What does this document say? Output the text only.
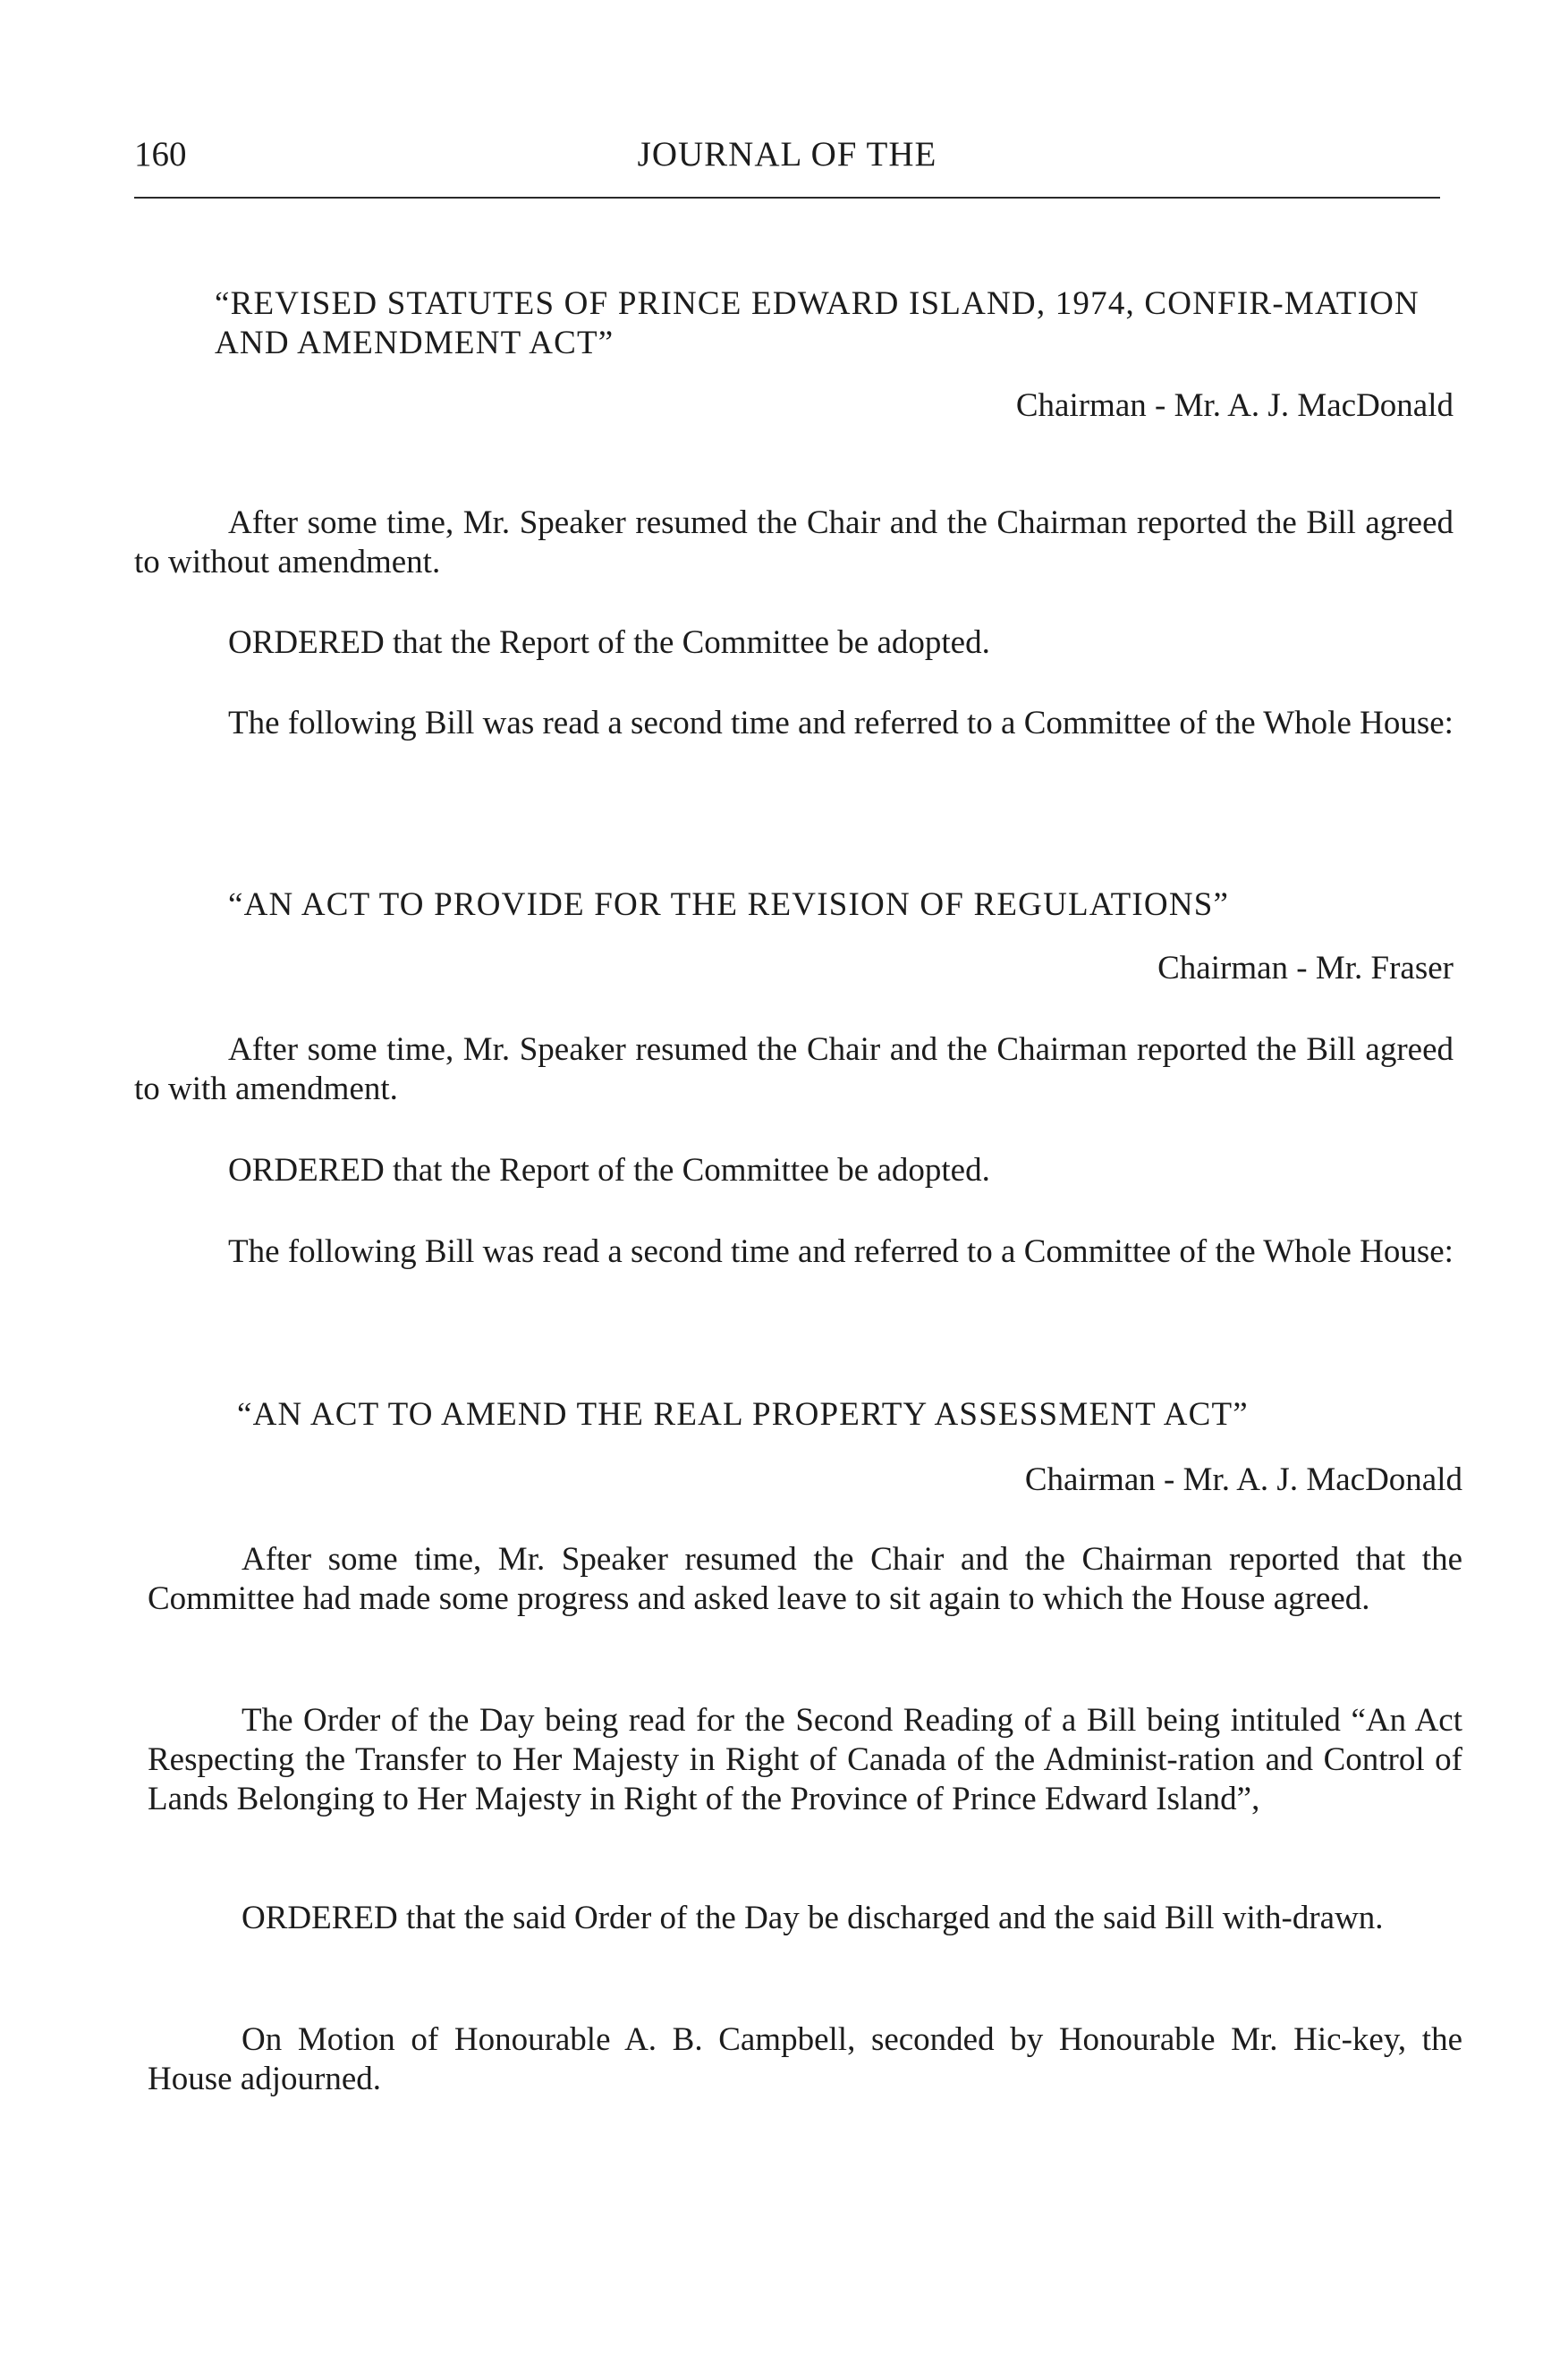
160	JOURNAL OF THE
“REVISED STATUTES OF PRINCE EDWARD ISLAND, 1974, CONFIR-MATION AND AMENDMENT ACT”
Chairman - Mr. A. J. MacDonald
After some time, Mr. Speaker resumed the Chair and the Chairman reported the Bill agreed to without amendment.
ORDERED that the Report of the Committee be adopted.
The following Bill was read a second time and referred to a Committee of the Whole House:
“AN ACT TO PROVIDE FOR THE REVISION OF REGULATIONS”
Chairman - Mr. Fraser
After some time, Mr. Speaker resumed the Chair and the Chairman reported the Bill agreed to with amendment.
ORDERED that the Report of the Committee be adopted.
The following Bill was read a second time and referred to a Committee of the Whole House:
“AN ACT TO AMEND THE REAL PROPERTY ASSESSMENT ACT”
Chairman - Mr. A. J. MacDonald
After some time, Mr. Speaker resumed the Chair and the Chairman reported that the Committee had made some progress and asked leave to sit again to which the House agreed.
The Order of the Day being read for the Second Reading of a Bill being intituled “An Act Respecting the Transfer to Her Majesty in Right of Canada of the Administ-ration and Control of Lands Belonging to Her Majesty in Right of the Province of Prince Edward Island”,
ORDERED that the said Order of the Day be discharged and the said Bill with-drawn.
On Motion of Honourable A. B. Campbell, seconded by Honourable Mr. Hic-key, the House adjourned.
